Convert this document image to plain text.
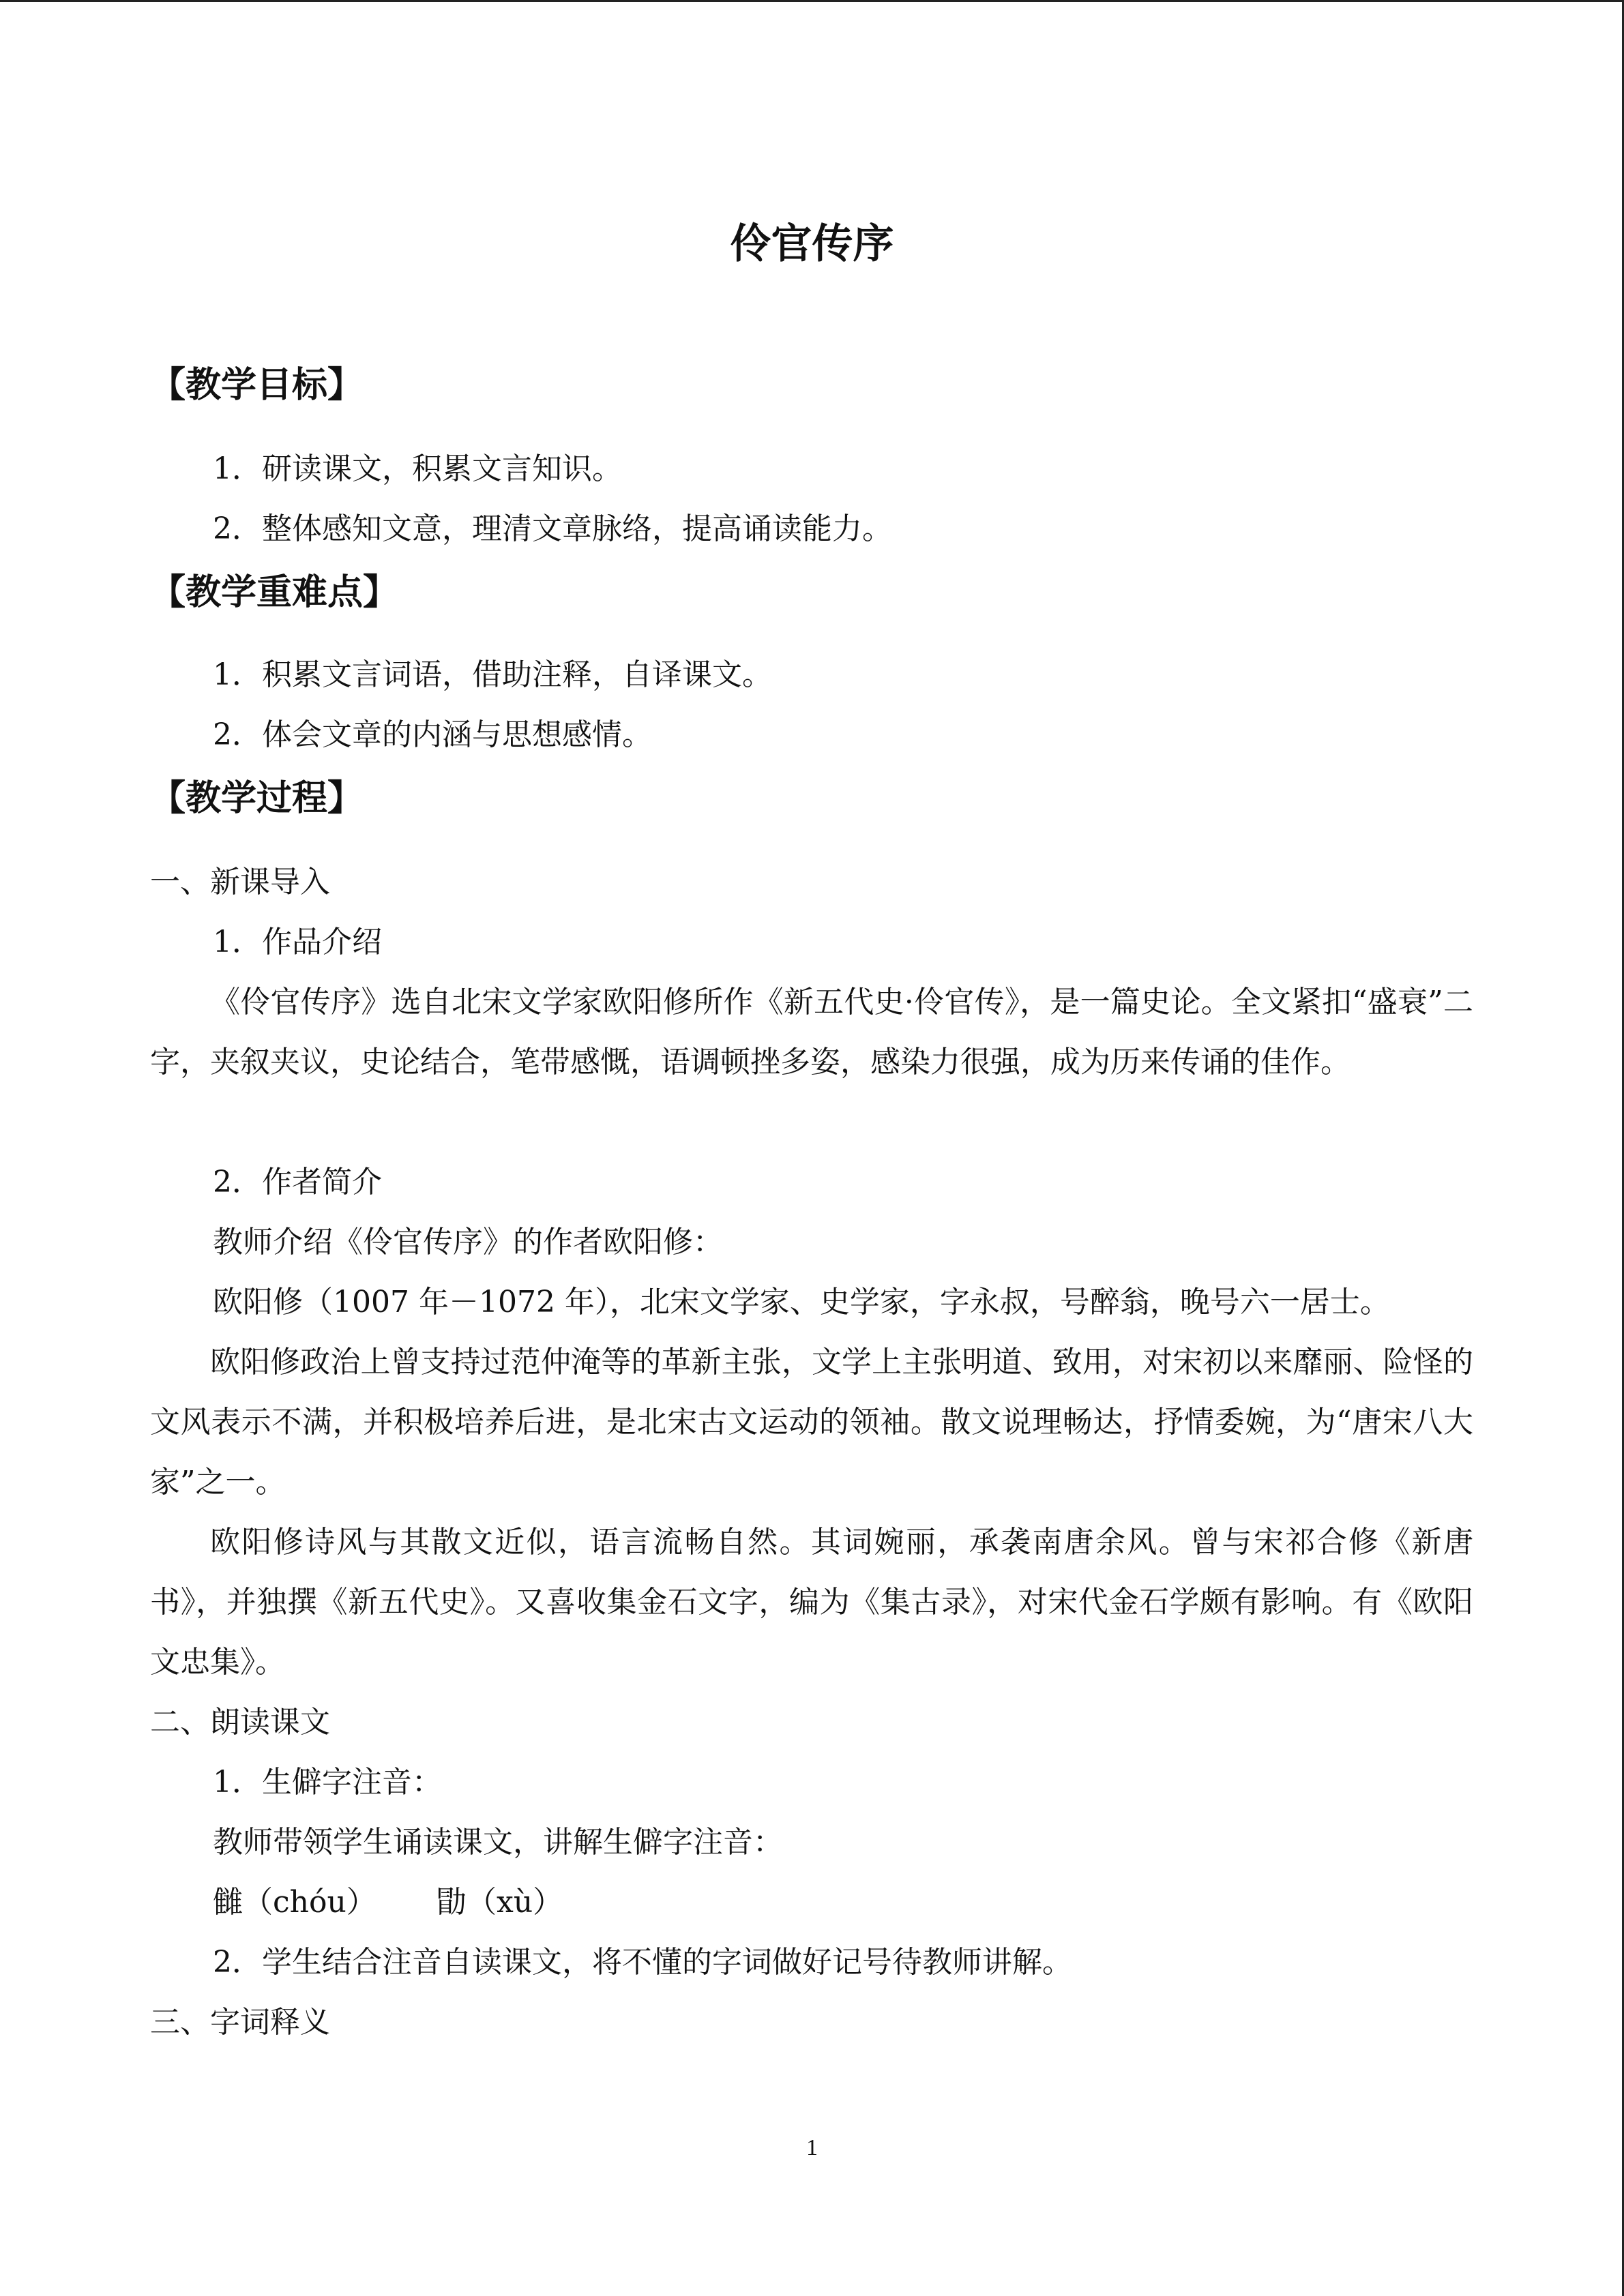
伶官传序
【教学目标】
1．研读课文，积累文言知识。
2．整体感知文意，理清文章脉络，提高诵读能力。
【教学重难点】
1．积累文言词语，借助注释，自译课文。
2．体会文章的内涵与思想感情。
【教学过程】
一、新课导入
1．作品介绍
《伶官传序》选自北宋文学家欧阳修所作《新五代史·伶官传》，是一篇史论。全文紧扣“盛衰”二字，夹叙夹议，史论结合，笔带感慨，语调顿挫多姿，感染力很强，成为历来传诵的佳作。
2．作者简介
教师介绍《伶官传序》的作者欧阳修：
欧阳修（1007 年－1072 年），北宋文学家、史学家，字永叔，号醉翁，晚号六一居士。
欧阳修政治上曾支持过范仲淹等的革新主张，文学上主张明道、致用，对宋初以来靡丽、险怪的文风表示不满，并积极培养后进，是北宋古文运动的领袖。散文说理畅达，抒情委婉，为“唐宋八大家”之一。
欧阳修诗风与其散文近似，语言流畅自然。其词婉丽，承袭南唐余风。曾与宋祁合修《新唐书》，并独撰《新五代史》。又喜收集金石文字，编为《集古录》，对宋代金石学颇有影响。有《欧阳文忠集》。
二、朗读课文
1．生僻字注音：
教师带领学生诵读课文，讲解生僻字注音：
雠（chóu） 勖（xù）
2．学生结合注音自读课文，将不懂的字词做好记号待教师讲解。
三、字词释义
1
